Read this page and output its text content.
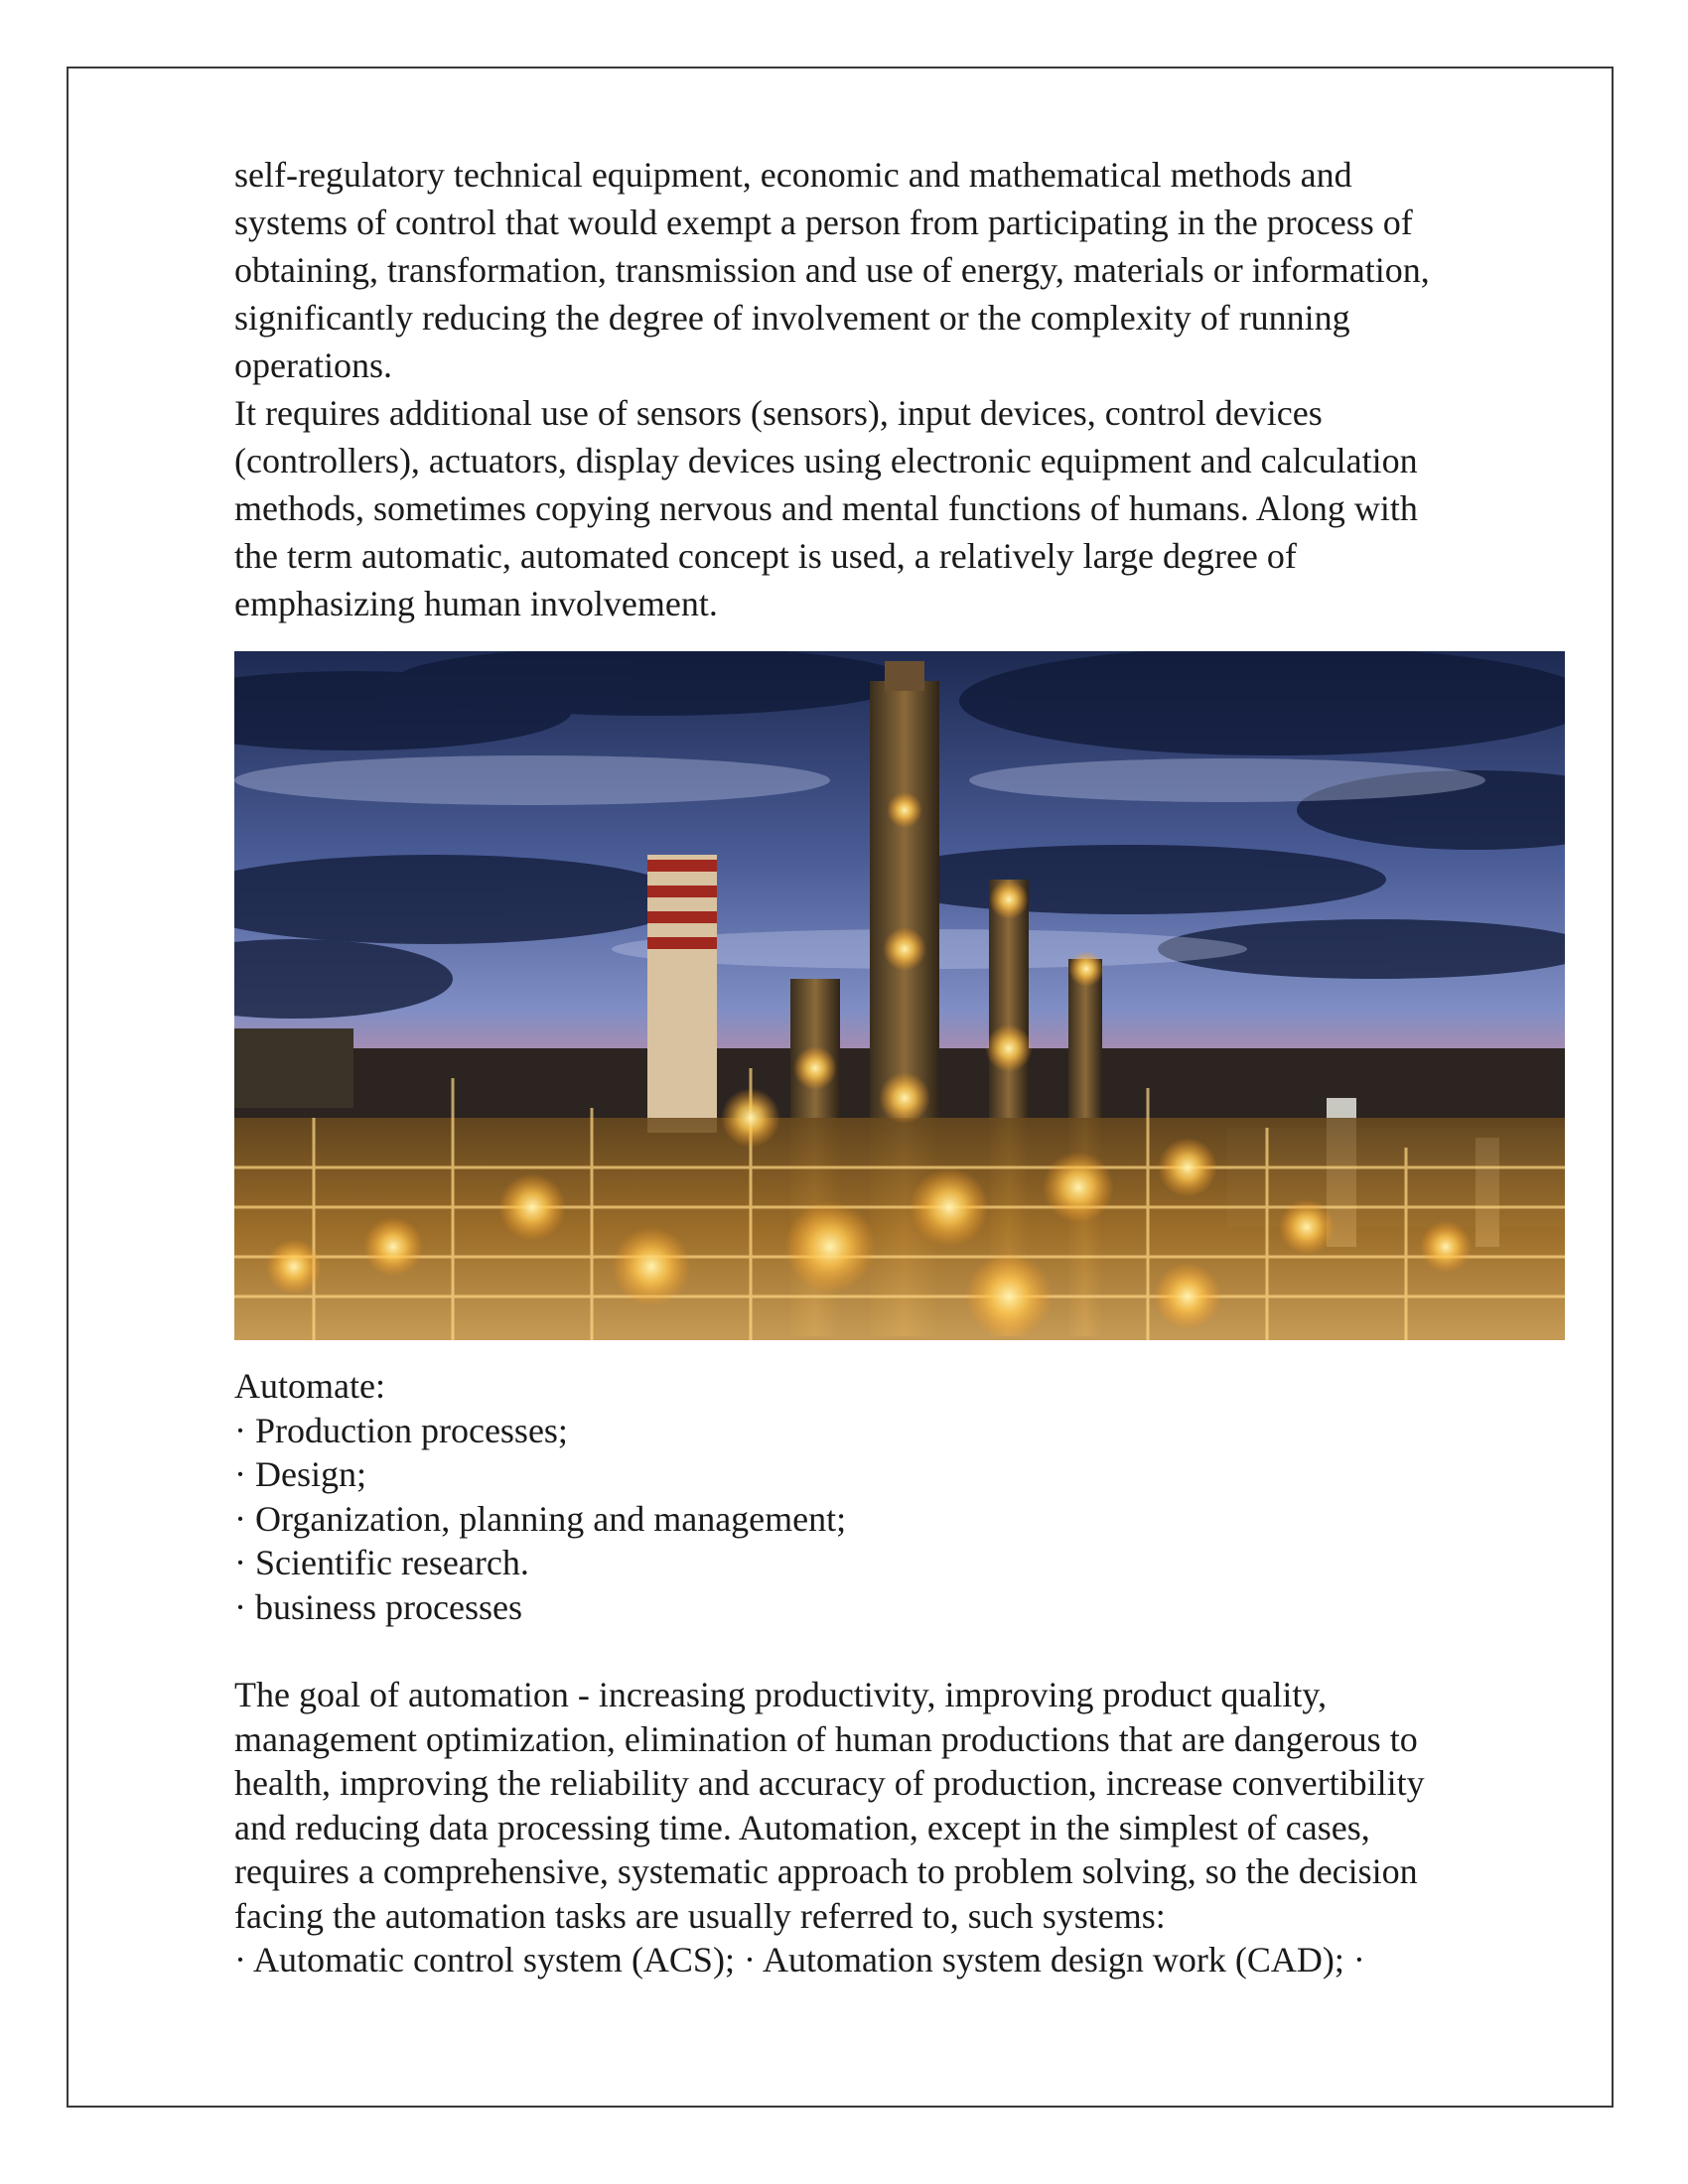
self-regulatory technical equipment, economic and mathematical methods and
systems of control that would exempt a person from participating in the process of
obtaining, transformation, transmission and use of energy, materials or information,
significantly reducing the degree of involvement or the complexity of running
operations.

It requires additional use of sensors (sensors), input devices, control devices
(controllers), actuators, display devices using electronic equipment and calculation
methods, sometimes copying nervous and mental functions of humans. Along with
the term automatic, automated concept is used, a relatively large degree of
emphasizing human involvement.

Automate:

· Production processes;
· Design;
· Organization, planning and management;
· Scientific research.
· business processes

The goal of automation - increasing productivity, improving product quality,
management optimization, elimination of human productions that are dangerous to
health, improving the reliability and accuracy of production, increase convertibility
and reducing data processing time. Automation, except in the simplest of cases,
requires a comprehensive, systematic approach to problem solving, so the decision
facing the automation tasks are usually referred to, such systems:
· Automatic control system (ACS); · Automation system design work (CAD); ·
